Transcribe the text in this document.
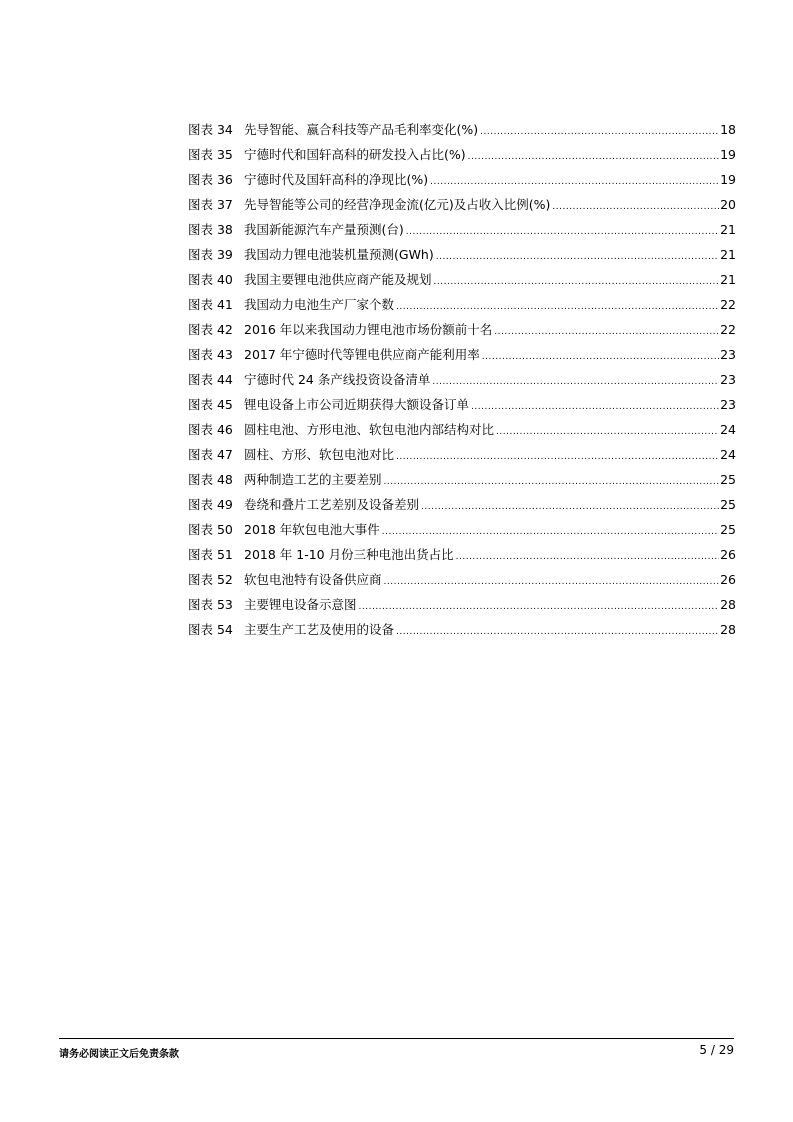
图表 34 先导智能、嬴合科技等产品毛利率变化(%) .....	18
图表 35 宁德时代和国轩高科的研发投入占比(%) .....	19
图表 36 宁德时代及国轩高科的净现比(%) .....	19
图表 37 先导智能等公司的经营净现金流(亿元)及占收入比例(%) .....	20
图表 38 我国新能源汽车产量预测(台) .....	21
图表 39 我国动力锂电池装机量预测(GWh) .....	21
图表 40 我国主要锂电池供应商产能及规划 .....	21
图表 41 我国动力电池生产厂家个数 .....	22
图表 42 2016 年以来我国动力锂电池市场份额前十名 .....	22
图表 43 2017 年宁德时代等锂电供应商产能利用率 .....	23
图表 44 宁德时代 24 条产线投资设备清单 .....	23
图表 45 锂电设备上市公司近期获得大额设备订单 .....	23
图表 46 圆柱电池、方形电池、软包电池内部结构对比 .....	24
图表 47 圆柱、方形、软包电池对比 .....	24
图表 48 两种制造工艺的主要差别 .....	25
图表 49 卷绕和叠片工艺差别及设备差别 .....	25
图表 50 2018 年软包电池大事件 .....	25
图表 51 2018 年 1-10 月份三种电池出货占比 .....	26
图表 52 软包电池特有设备供应商 .....	26
图表 53 主要锂电设备示意图 .....	28
图表 54 主要生产工艺及使用的设备 .....	28
请务必阅读正文后免责条款	5 / 29
